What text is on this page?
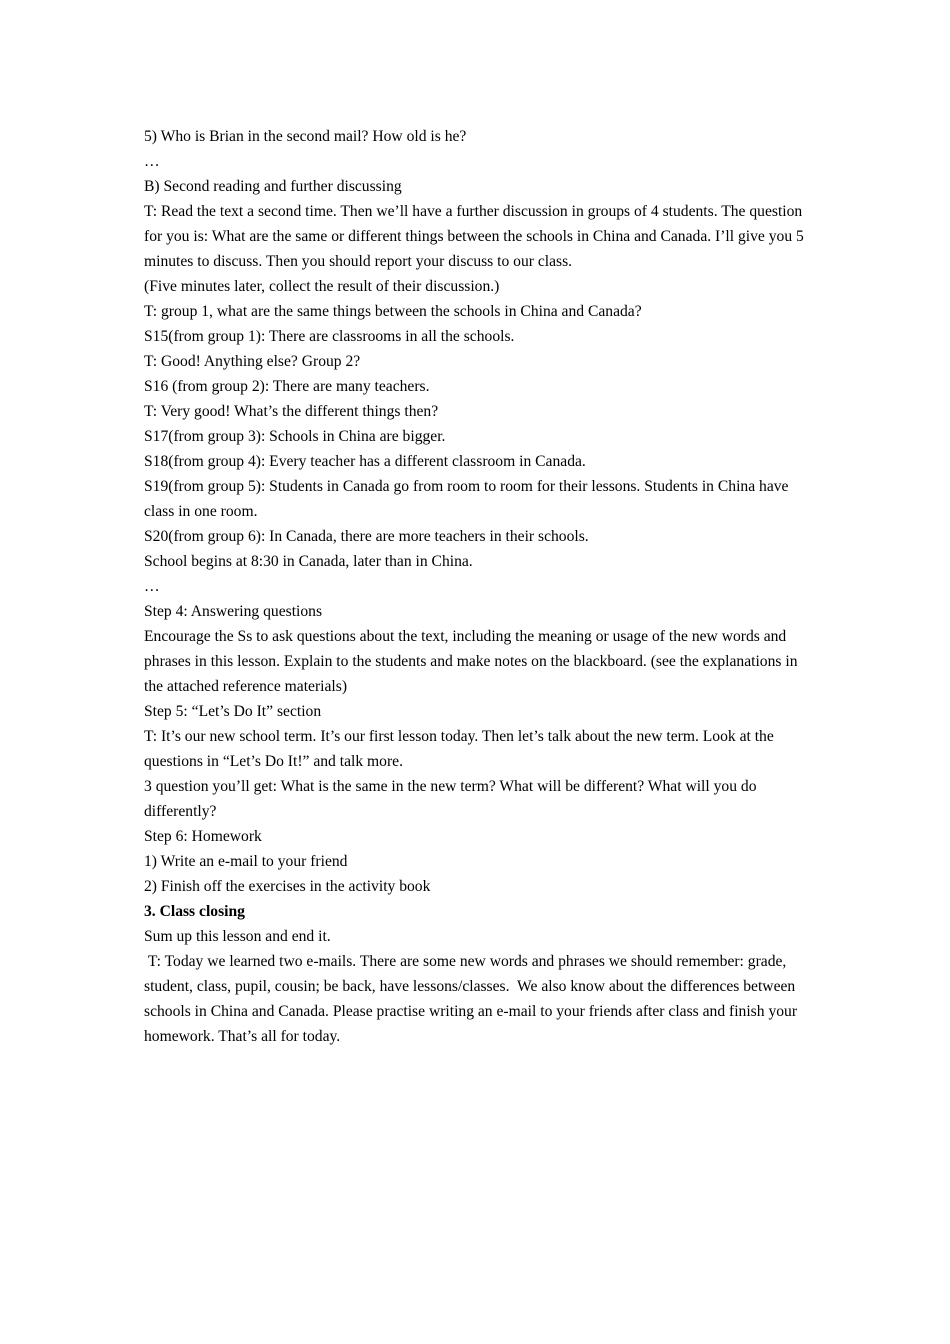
5) Who is Brian in the second mail? How old is he?

…

B) Second reading and further discussing

T: Read the text a second time. Then we’ll have a further discussion in groups of 4 students. The question for you is: What are the same or different things between the schools in China and Canada. I’ll give you 5 minutes to discuss. Then you should report your discuss to our class.

(Five minutes later, collect the result of their discussion.)

T: group 1, what are the same things between the schools in China and Canada?

S15(from group 1): There are classrooms in all the schools.

T: Good! Anything else? Group 2?

S16 (from group 2): There are many teachers.

T: Very good! What’s the different things then?

S17(from group 3): Schools in China are bigger.

S18(from group 4): Every teacher has a different classroom in Canada.

S19(from group 5): Students in Canada go from room to room for their lessons. Students in China have class in one room.

S20(from group 6): In Canada, there are more teachers in their schools.

School begins at 8:30 in Canada, later than in China.

…

Step 4: Answering questions

Encourage the Ss to ask questions about the text, including the meaning or usage of the new words and phrases in this lesson. Explain to the students and make notes on the blackboard. (see the explanations in the attached reference materials)

Step 5: “Let’s Do It” section

T: It’s our new school term. It’s our first lesson today. Then let’s talk about the new term. Look at the questions in “Let’s Do It!” and talk more.

3 question you’ll get: What is the same in the new term? What will be different? What will you do differently?

Step 6: Homework

1) Write an e-mail to your friend

2) Finish off the exercises in the activity book

3. Class closing

Sum up this lesson and end it.

T: Today we learned two e-mails. There are some new words and phrases we should remember: grade, student, class, pupil, cousin; be back, have lessons/classes.  We also know about the differences between schools in China and Canada. Please practise writing an e-mail to your friends after class and finish your homework. That’s all for today.
